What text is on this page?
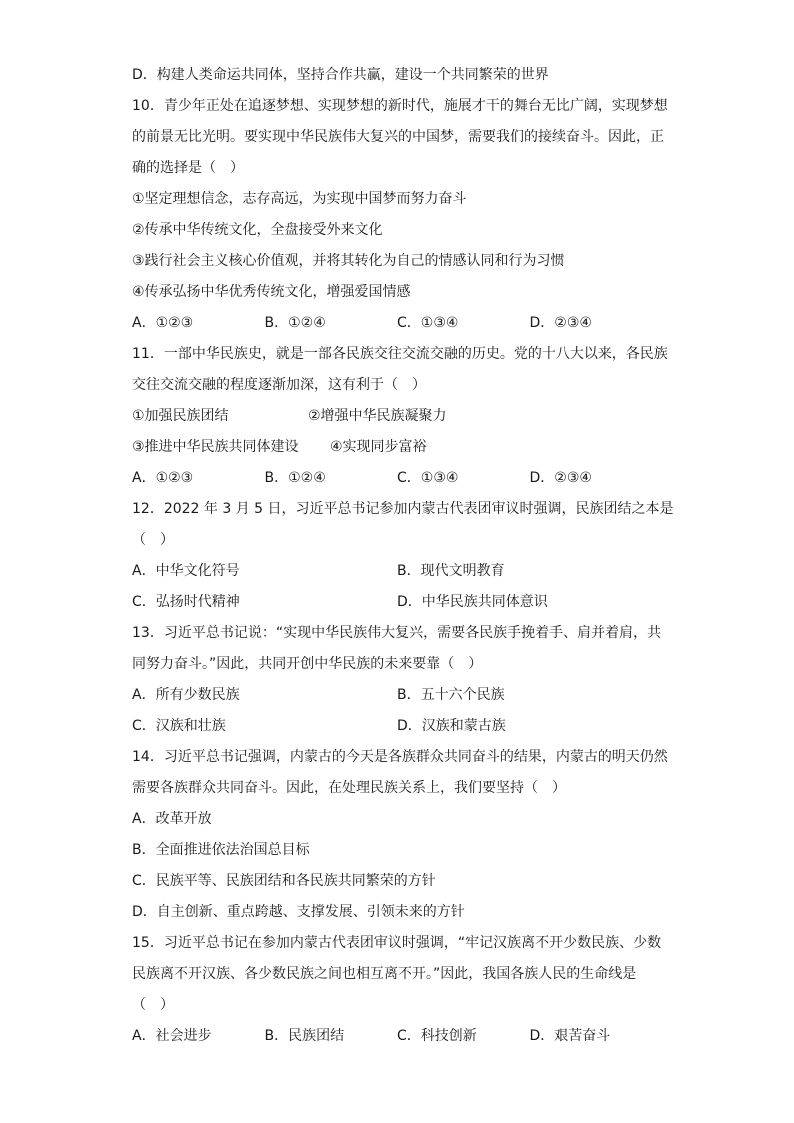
D．构建人类命运共同体，坚持合作共赢，建设一个共同繁荣的世界
10．青少年正处在追逐梦想、实现梦想的新时代，施展才干的舞台无比广阔，实现梦想
的前景无比光明。要实现中华民族伟大复兴的中国梦，需要我们的接续奋斗。因此，正
确的选择是（　）
①坚定理想信念，志存高远，为实现中国梦而努力奋斗
②传承中华传统文化，全盘接受外来文化
③践行社会主义核心价值观，并将其转化为自己的情感认同和行为习惯
④传承弘扬中华优秀传统文化，增强爱国情感
A．①②③	B．①②④	C．①③④	D．②③④
11．一部中华民族史，就是一部各民族交往交流交融的历史。党的十八大以来，各民族
交往交流交融的程度逐渐加深，这有利于（　）
①加强民族团结	②增强中华民族凝聚力
③推进中华民族共同体建设 ④实现同步富裕
A．①②③	B．①②④	C．①③④	D．②③④
12．2022 年 3 月 5 日，习近平总书记参加内蒙古代表团审议时强调，民族团结之本是
（　）
A．中华文化符号	B．现代文明教育
C．弘扬时代精神	D．中华民族共同体意识
13．习近平总书记说：“实现中华民族伟大复兴，需要各民族手挽着手、肩并着肩，共
同努力奋斗。”因此，共同开创中华民族的未来要靠（　）
A．所有少数民族	B．五十六个民族
C．汉族和壮族	D．汉族和蒙古族
14．习近平总书记强调，内蒙古的今天是各族群众共同奋斗的结果，内蒙古的明天仍然
需要各族群众共同奋斗。因此，在处理民族关系上，我们要坚持（　）
A．改革开放
B．全面推进依法治国总目标
C．民族平等、民族团结和各民族共同繁荣的方针
D．自主创新、重点跨越、支撑发展、引领未来的方针
15．习近平总书记在参加内蒙古代表团审议时强调，“牢记汉族离不开少数民族、少数
民族离不开汉族、各少数民族之间也相互离不开。”因此，我国各族人民的生命线是
（　）
A．社会进步	B．民族团结	C．科技创新	D．艰苦奋斗
